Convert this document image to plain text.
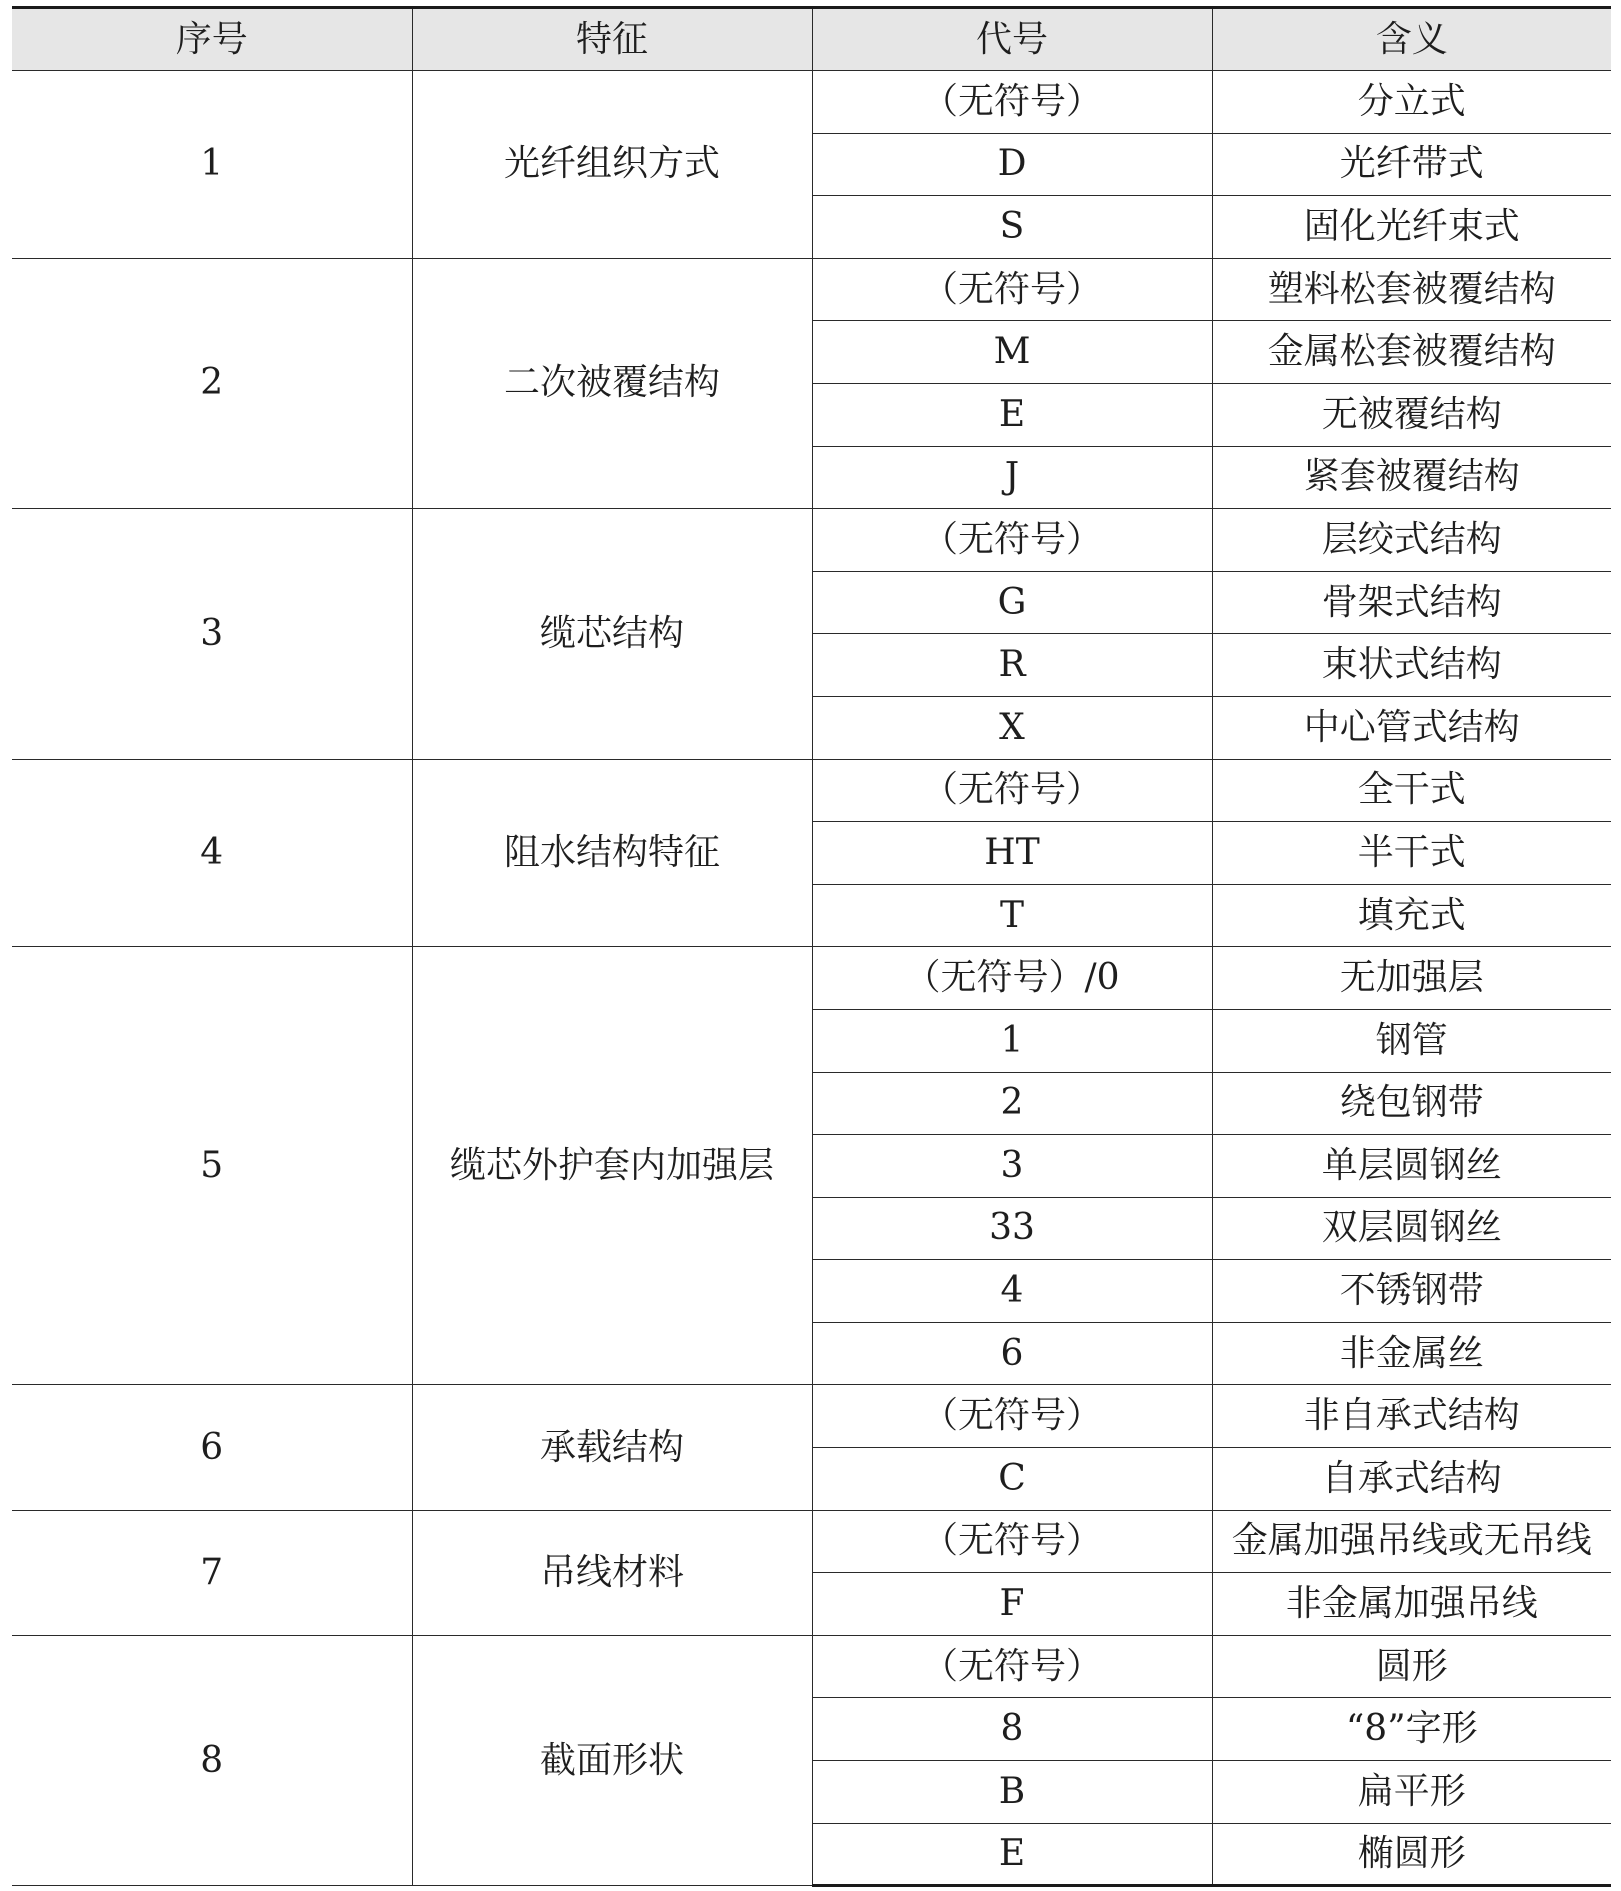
序号	特征	代号	含义
1	光纤组织方式	（无符号）	分立式
		D	光纤带式
		S	固化光纤束式
2	二次被覆结构	（无符号）	塑料松套被覆结构
		M	金属松套被覆结构
		E	无被覆结构
		J	紧套被覆结构
3	缆芯结构	（无符号）	层绞式结构
		G	骨架式结构
		R	束状式结构
		X	中心管式结构
4	阻水结构特征	（无符号）	全干式
		HT	半干式
		T	填充式
5	缆芯外护套内加强层	（无符号）/0	无加强层
		1	钢管
		2	绕包钢带
		3	单层圆钢丝
		33	双层圆钢丝
		4	不锈钢带
		6	非金属丝
6	承载结构	（无符号）	非自承式结构
		C	自承式结构
7	吊线材料	（无符号）	金属加强吊线或无吊线
		F	非金属加强吊线
8	截面形状	（无符号）	圆形
		8	“8”字形
		B	扁平形
		E	椭圆形
